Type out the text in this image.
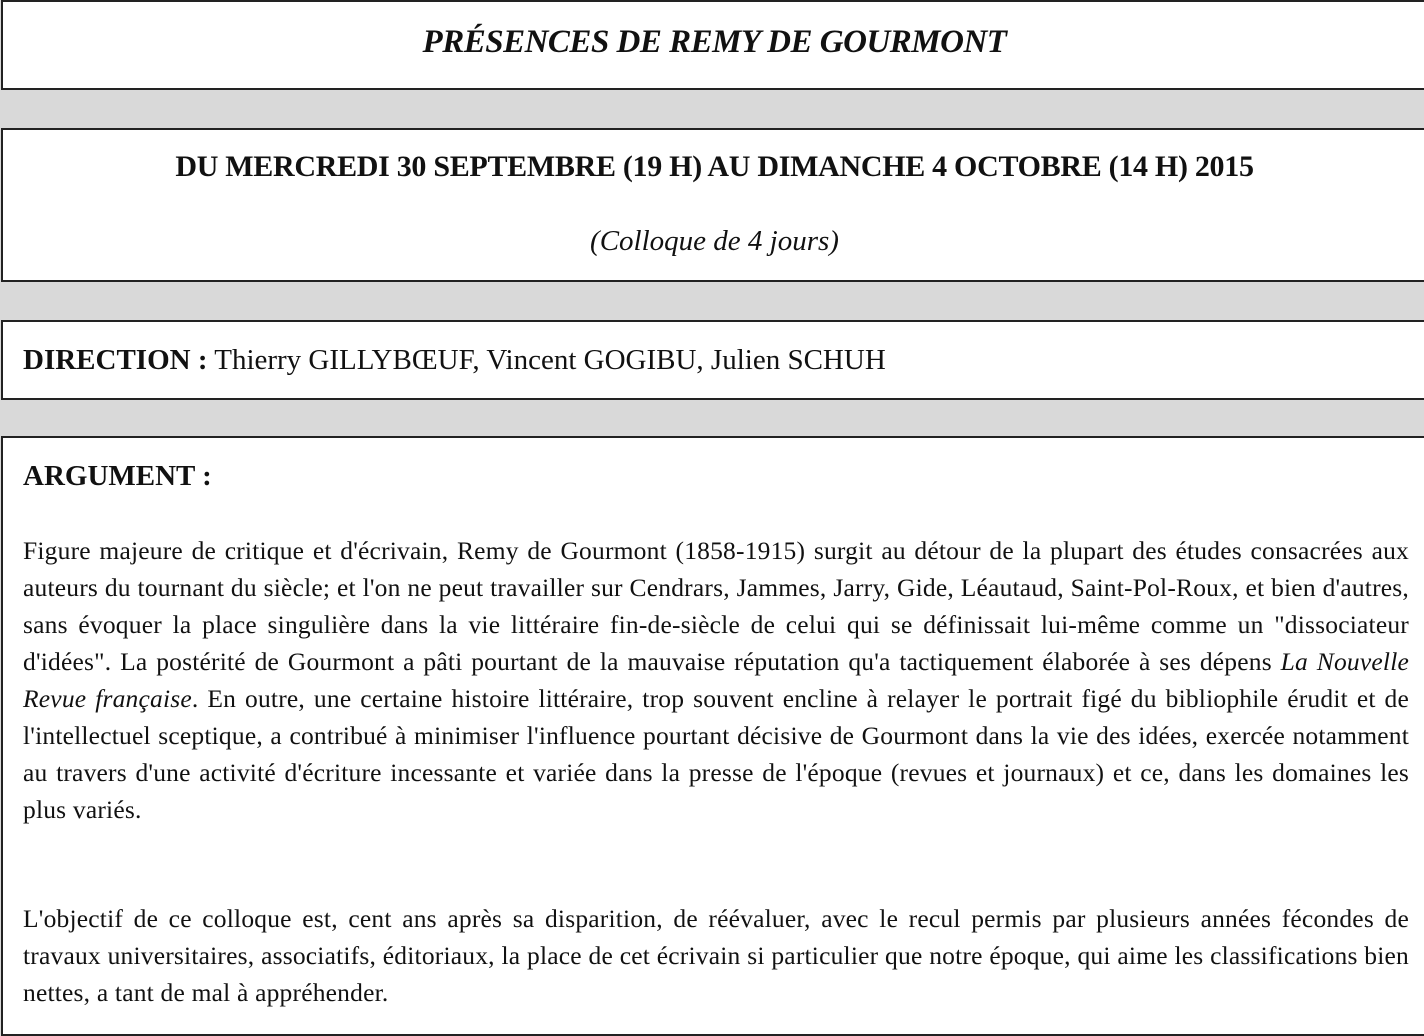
PRÉSENCES DE REMY DE GOURMONT
DU MERCREDI 30 SEPTEMBRE (19 H) AU DIMANCHE 4 OCTOBRE (14 H) 2015
(Colloque de 4 jours)
DIRECTION : Thierry GILLYBŒUF, Vincent GOGIBU, Julien SCHUH
ARGUMENT :
Figure majeure de critique et d'écrivain, Remy de Gourmont (1858-1915) surgit au détour de la plupart des études consacrées aux auteurs du tournant du siècle; et l'on ne peut travailler sur Cendrars, Jammes, Jarry, Gide, Léautaud, Saint-Pol-Roux, et bien d'autres, sans évoquer la place singulière dans la vie littéraire fin-de-siècle de celui qui se définissait lui-même comme un "dissociateur d'idées". La postérité de Gourmont a pâti pourtant de la mauvaise réputation qu'a tactiquement élaborée à ses dépens La Nouvelle Revue française. En outre, une certaine histoire littéraire, trop souvent encline à relayer le portrait figé du bibliophile érudit et de l'intellectuel sceptique, a contribué à minimiser l'influence pourtant décisive de Gourmont dans la vie des idées, exercée notamment au travers d'une activité d'écriture incessante et variée dans la presse de l'époque (revues et journaux) et ce, dans les domaines les plus variés.
L'objectif de ce colloque est, cent ans après sa disparition, de réévaluer, avec le recul permis par plusieurs années fécondes de travaux universitaires, associatifs, éditoriaux, la place de cet écrivain si particulier que notre époque, qui aime les classifications bien nettes, a tant de mal à appréhender.
